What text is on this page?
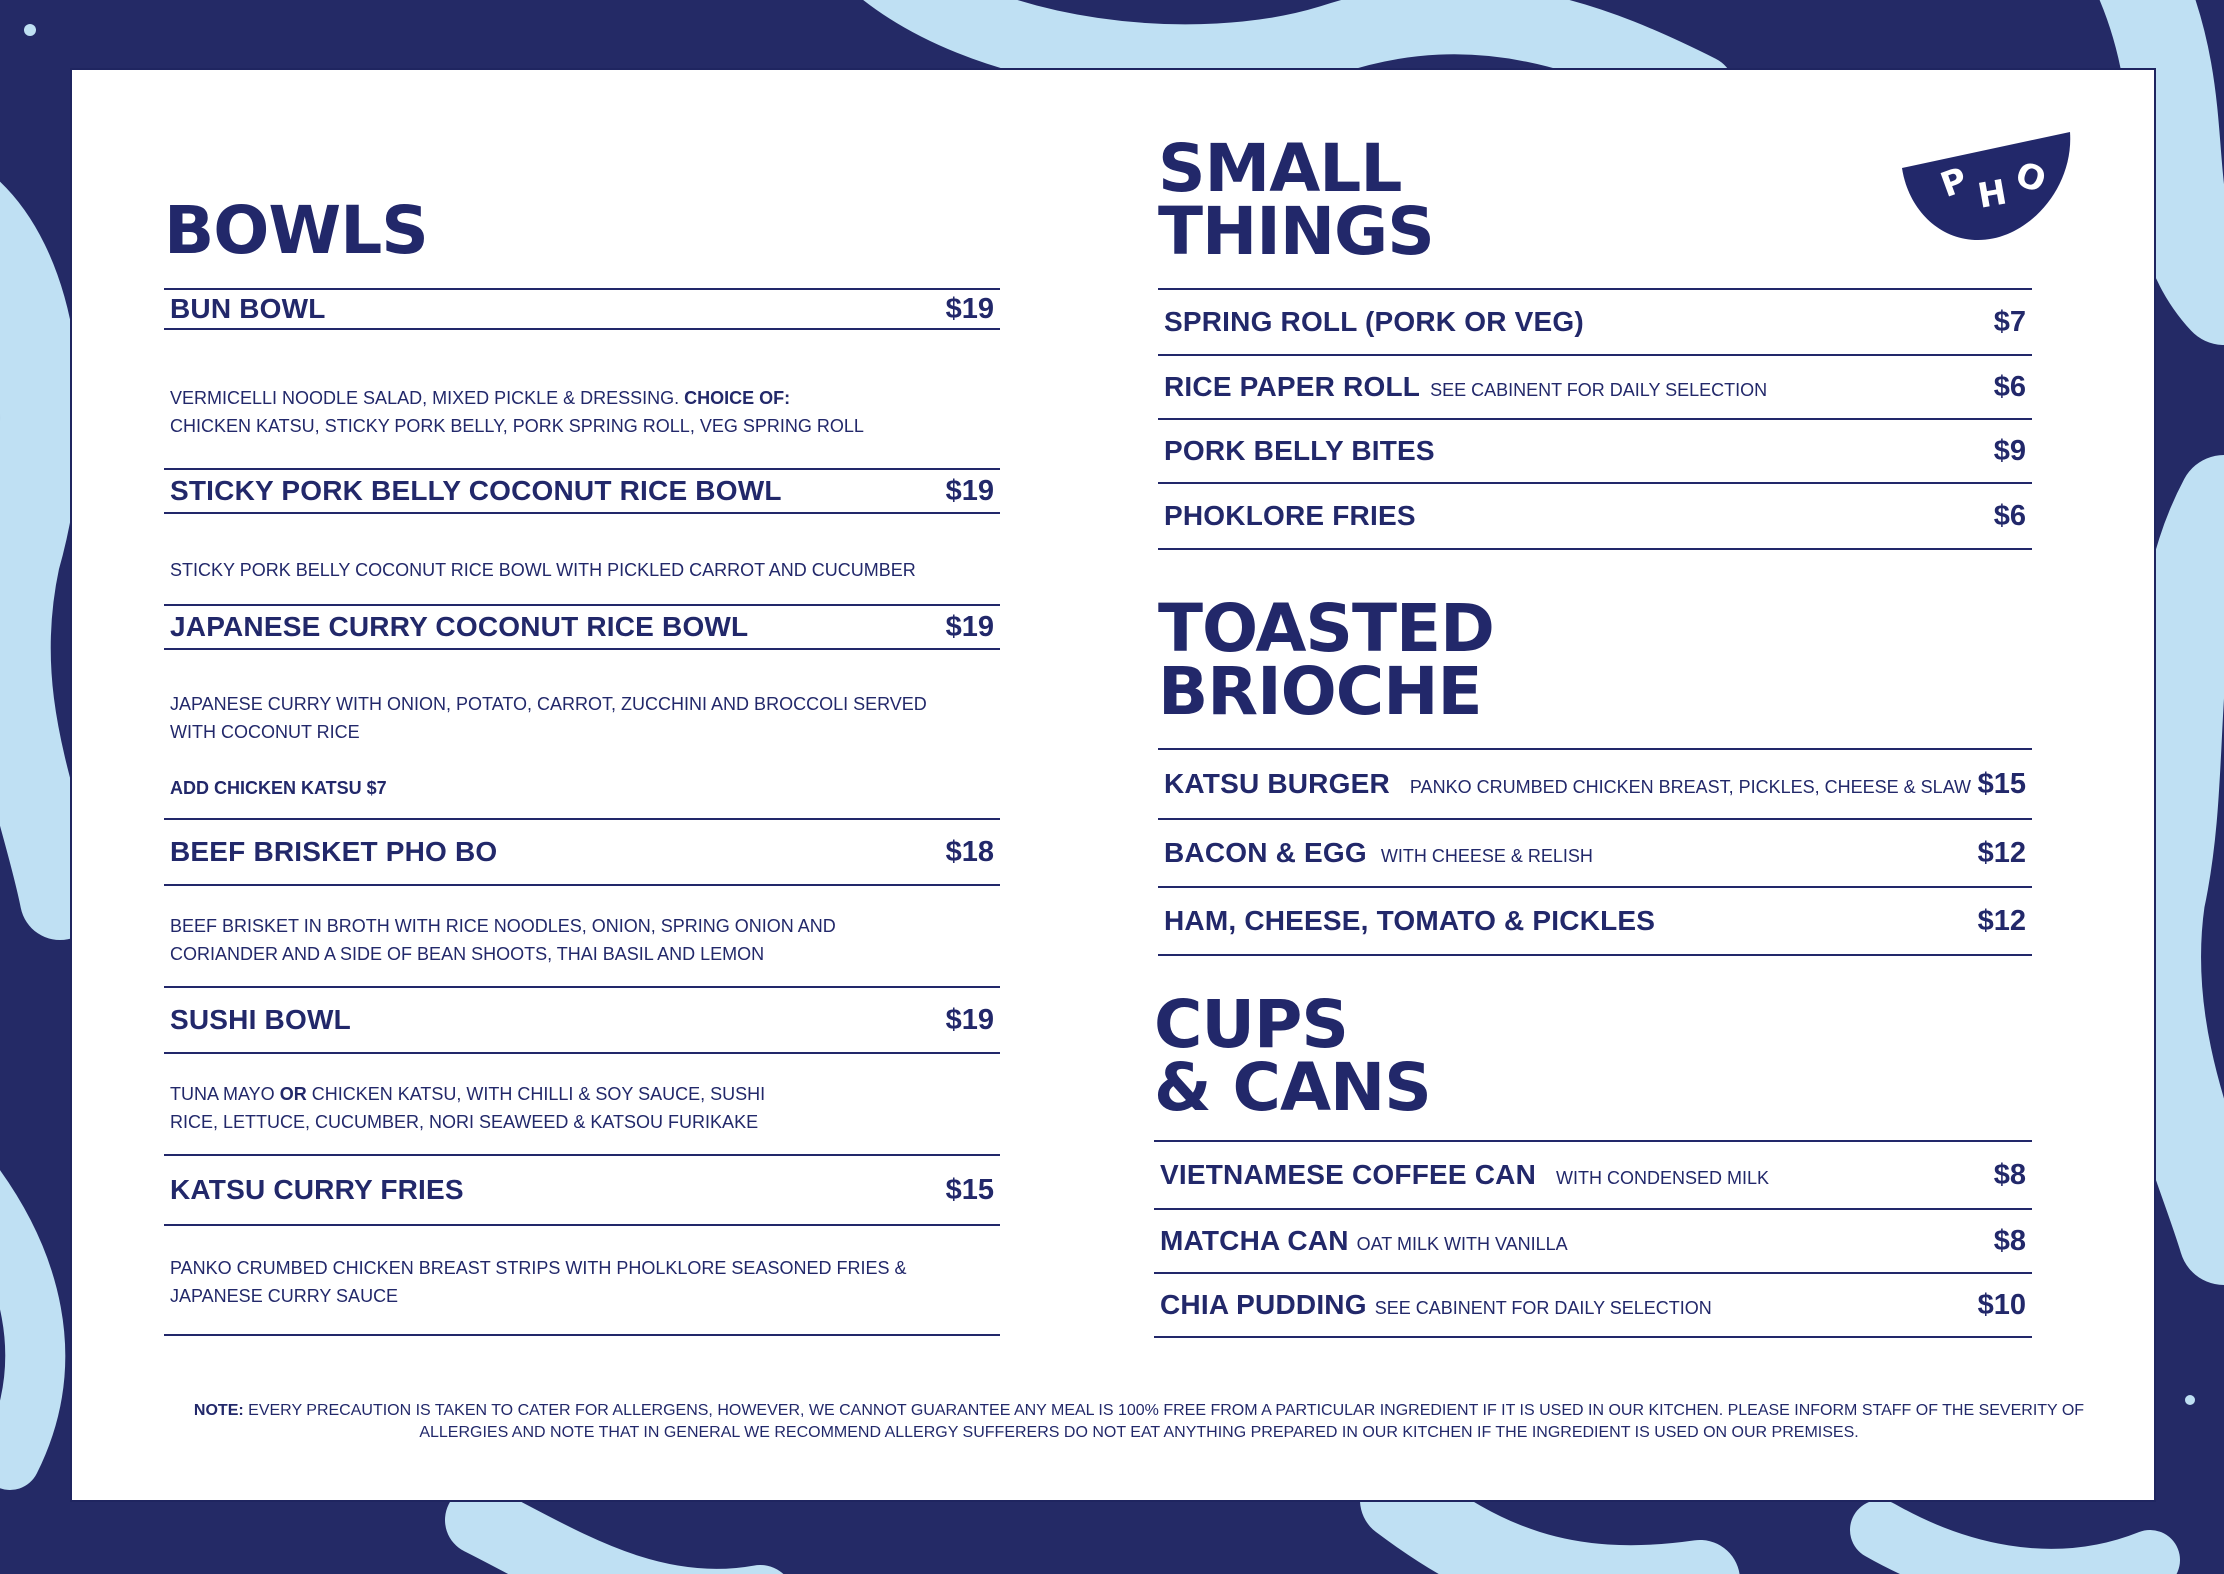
P H O
BOWLS
BUN BOWL	$19
VERMICELLI NOODLE SALAD, MIXED PICKLE & DRESSING. CHOICE OF:
CHICKEN KATSU, STICKY PORK BELLY, PORK SPRING ROLL, VEG SPRING ROLL
STICKY PORK BELLY COCONUT RICE BOWL	$19
STICKY PORK BELLY COCONUT RICE BOWL WITH PICKLED CARROT AND CUCUMBER
JAPANESE CURRY COCONUT RICE BOWL	$19
JAPANESE CURRY WITH ONION, POTATO, CARROT, ZUCCHINI AND BROCCOLI SERVED
WITH COCONUT RICE
ADD CHICKEN KATSU $7
BEEF BRISKET PHO BO	$18
BEEF BRISKET IN BROTH WITH RICE NOODLES, ONION, SPRING ONION AND
CORIANDER AND A SIDE OF BEAN SHOOTS, THAI BASIL AND LEMON
SUSHI BOWL	$19
TUNA MAYO OR CHICKEN KATSU, WITH CHILLI & SOY SAUCE, SUSHI
RICE, LETTUCE, CUCUMBER, NORI SEAWEED & KATSOU FURIKAKE
KATSU CURRY FRIES	$15
PANKO CRUMBED CHICKEN BREAST STRIPS WITH PHOLKLORE SEASONED FRIES &
JAPANESE CURRY SAUCE
SMALL
THINGS
SPRING ROLL (PORK OR VEG)	$7
RICE PAPER ROLL SEE CABINENT FOR DAILY SELECTION	$6
PORK BELLY BITES	$9
PHOKLORE FRIES	$6
TOASTED
BRIOCHE
KATSU BURGER PANKO CRUMBED CHICKEN BREAST, PICKLES, CHEESE & SLAW $15
BACON & EGG WITH CHEESE & RELISH	$12
HAM, CHEESE, TOMATO & PICKLES	$12
CUPS
& CANS
VIETNAMESE COFFEE CAN WITH CONDENSED MILK	$8
MATCHA CAN OAT MILK WITH VANILLA	$8
CHIA PUDDING SEE CABINENT FOR DAILY SELECTION	$10
NOTE: EVERY PRECAUTION IS TAKEN TO CATER FOR ALLERGENS, HOWEVER, WE CANNOT GUARANTEE ANY MEAL IS 100% FREE FROM A PARTICULAR INGREDIENT IF IT IS USED IN OUR KITCHEN. PLEASE INFORM STAFF OF THE SEVERITY OF
ALLERGIES AND NOTE THAT IN GENERAL WE RECOMMEND ALLERGY SUFFERERS DO NOT EAT ANYTHING PREPARED IN OUR KITCHEN IF THE INGREDIENT IS USED ON OUR PREMISES.
